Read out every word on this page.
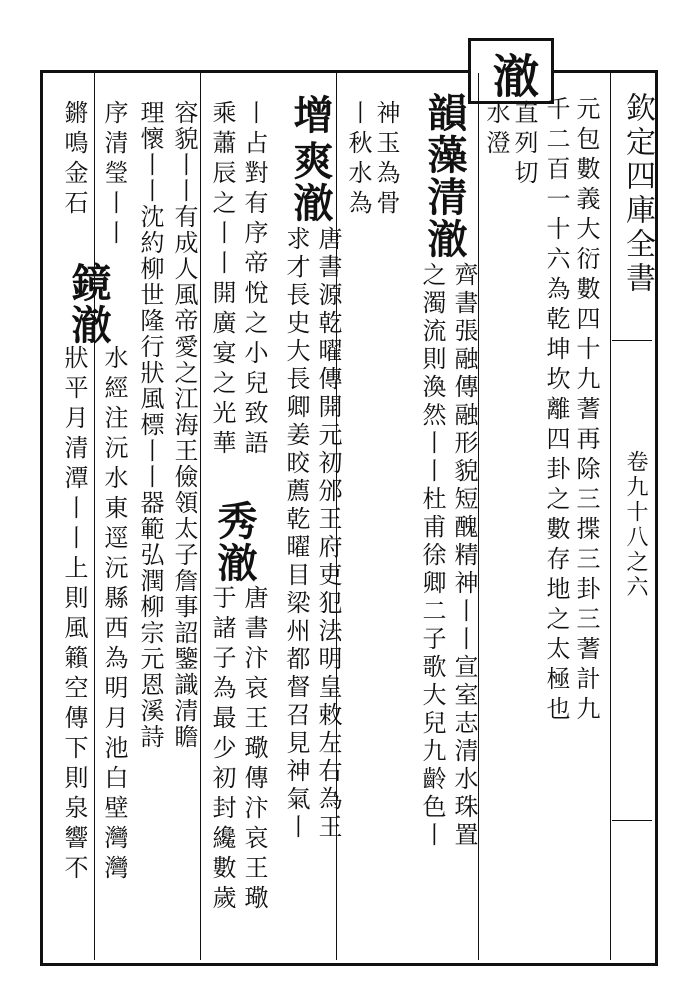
澈
欽定四庫全書
卷九十八之六
元包數義大衍數四十九蓍再除三揲三卦三蓍計九
千二百一十六為乾坤坎離四卦之數存地之太極也
直列切
水澄
韻藻
清澈
齊書張融傳融形貌短醜精神丨丨宣室志清水珠置
之濁流則渙然丨丨杜甫徐卿二子歌大兒九齡色丨
神玉為骨
丨秋水為
增
爽澈
唐書源乾曜傳開元初邠王府吏犯法明皇敕左右為王
求才長史大長卿姜晈薦乾曜目梁州都督召見神氣丨
丨占對有序帝悅之小兒致語
秀澈
唐書汴哀王璥傳汴哀王璥
乘蕭辰之丨丨開廣宴之光華
于諸子為最少初封纔數歲
容貌丨丨有成人風帝愛之江海王儉領太子詹事詔鑒識清瞻
理懷丨丨沈約柳世隆行狀風標丨丨器範弘潤柳宗元恩溪詩
序清瑩丨丨
鏡澈
水經注沅水東逕沅縣西為明月池白壁灣灣
鏘鳴金石
狀平月清潭丨丨上則風籟空傳下則泉響不
